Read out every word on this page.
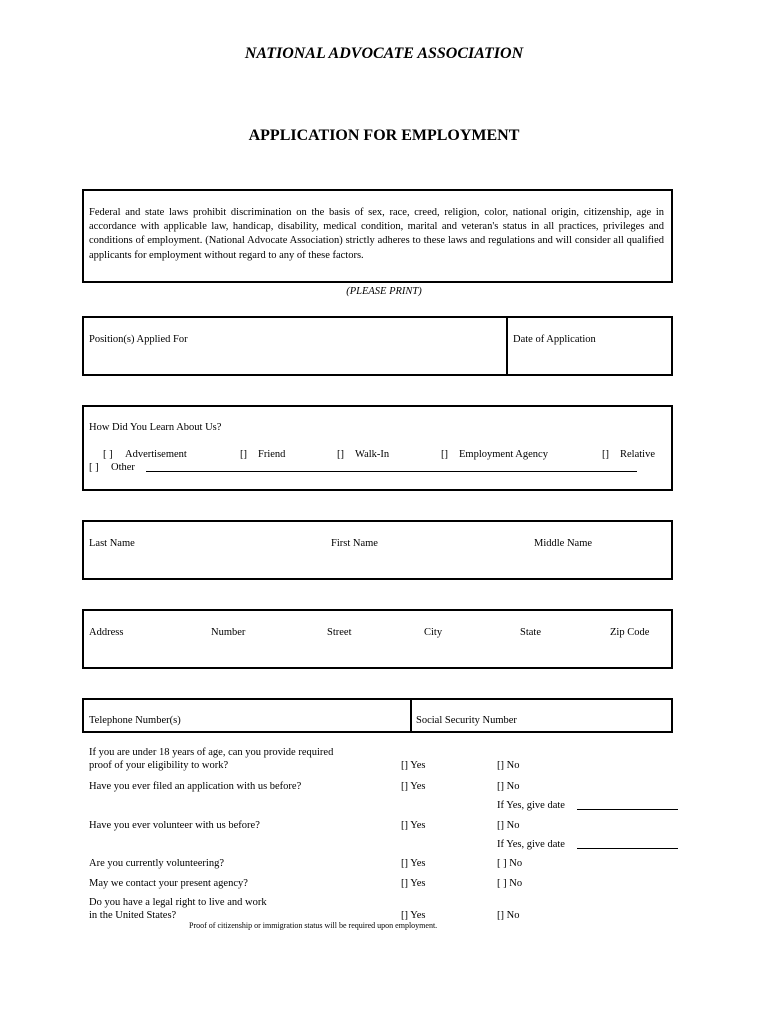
NATIONAL ADVOCATE ASSOCIATION
APPLICATION FOR EMPLOYMENT
Federal and state laws prohibit discrimination on the basis of sex, race, creed, religion, color, national origin, citizenship, age in accordance with applicable law, handicap, disability, medical condition, marital and veteran's status in all practices, privileges and conditions of employment. (National Advocate Association) strictly adheres to these laws and regulations and will consider all qualified applicants for employment without regard to any of these factors.
(PLEASE PRINT)
Position(s) Applied For	Date of Application
How Did You Learn About Us?
[ ] Advertisement	[] Friend	[] Walk-In	[] Employment Agency	[] Relative
[ ] Other
Last Name	First Name	Middle Name
Address	Number	Street	City	State	Zip Code
Telephone Number(s)	Social Security Number
If you are under 18 years of age, can you provide required
proof of your eligibility to work?	[] Yes	[] No
Have you ever filed an application with us before?	[] Yes	[] No
If Yes, give date
Have you ever volunteer with us before?	[] Yes	[] No
If Yes, give date
Are you currently volunteering?	[] Yes	[ ] No
May we contact your present agency?	[] Yes	[ ] No
Do you have a legal right to live and work
in the United States?	[] Yes	[] No
Proof of citizenship or immigration status will be required upon employment.
